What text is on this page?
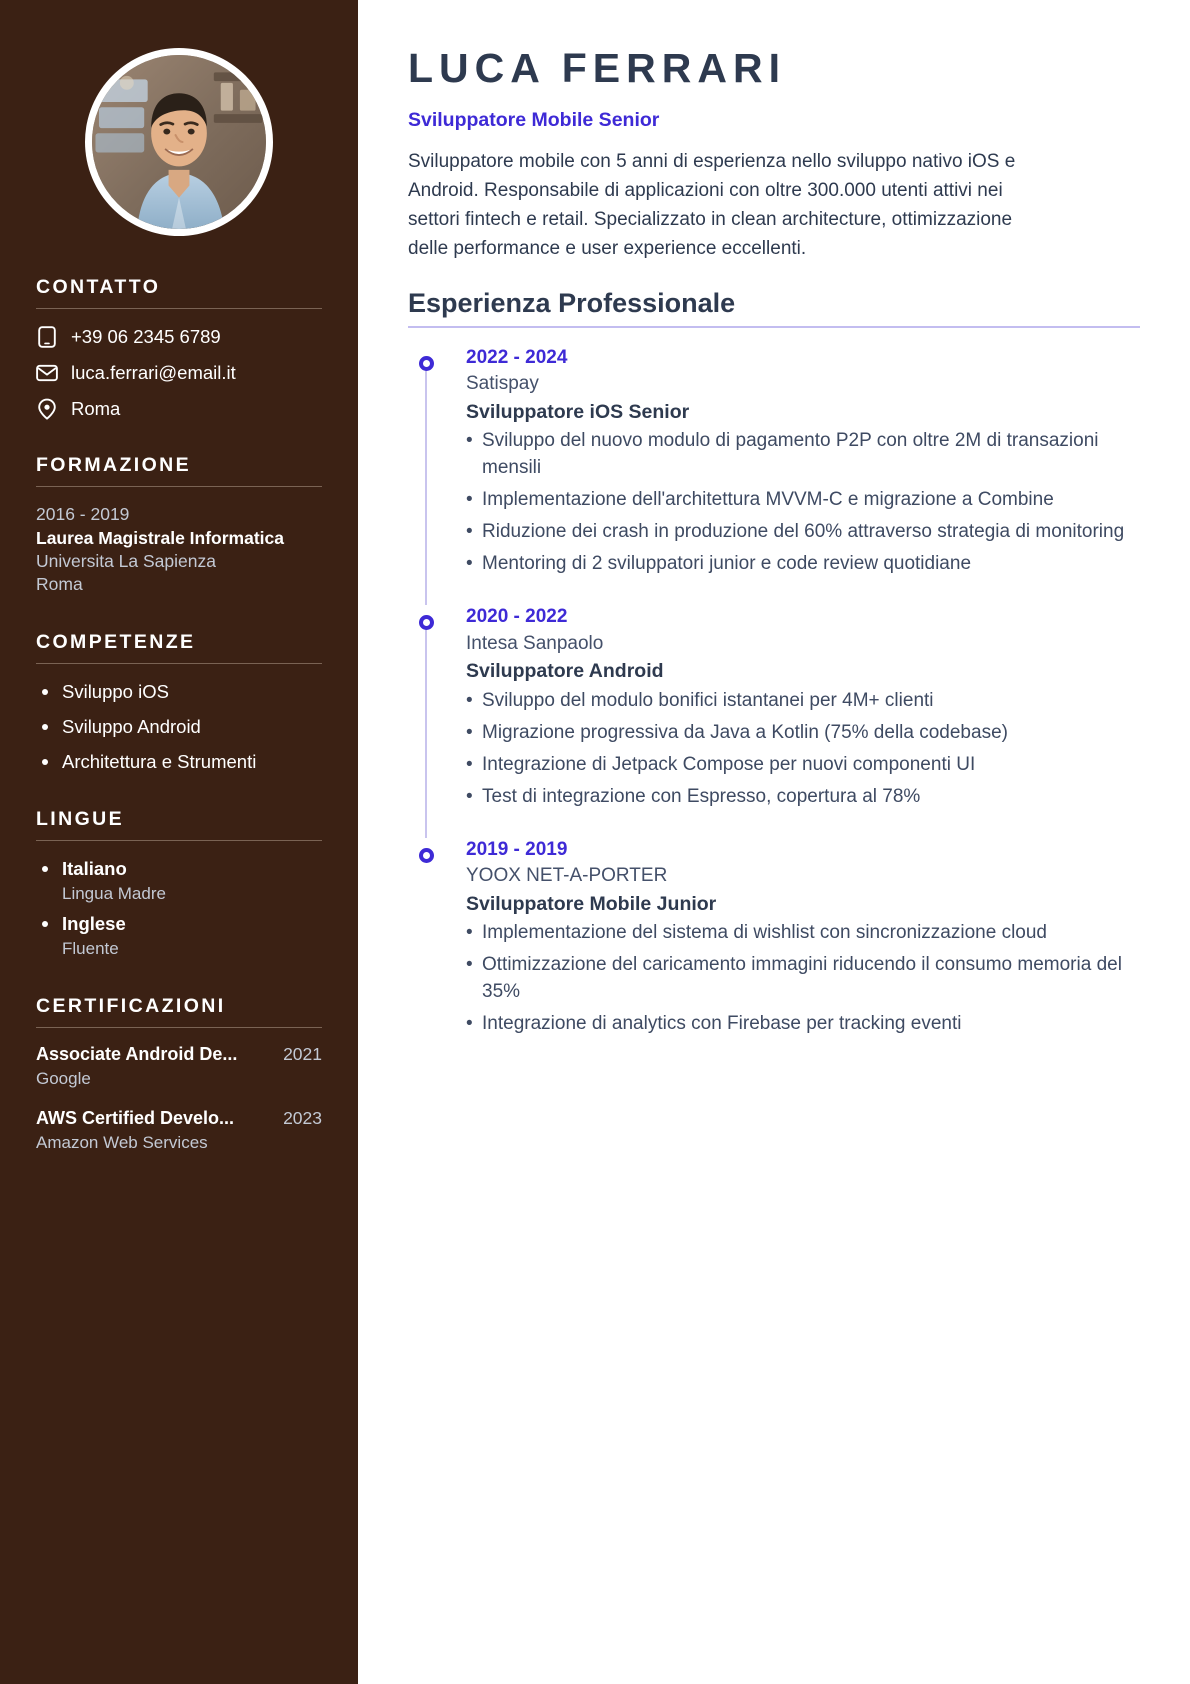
CONTATTO
+39 06 2345 6789
luca.ferrari@email.it
Roma
FORMAZIONE
2016 - 2019
Laurea Magistrale Informatica
Universita La Sapienza
Roma
COMPETENZE
Sviluppo iOS
Sviluppo Android
Architettura e Strumenti
LINGUE
Italiano
Lingua Madre
Inglese
Fluente
CERTIFICAZIONI
Associate Android De...	2021
Google
AWS Certified Develo...	2023
Amazon Web Services
LUCA FERRARI
Sviluppatore Mobile Senior

Sviluppatore mobile con 5 anni di esperienza nello sviluppo nativo iOS e Android. Responsabile di applicazioni con oltre 300.000 utenti attivi nei settori fintech e retail. Specializzato in clean architecture, ottimizzazione delle performance e user experience eccellenti.

Esperienza Professionale
2022 - 2024
Satispay
Sviluppatore iOS Senior
• Sviluppo del nuovo modulo di pagamento P2P con oltre 2M di transazioni mensili
• Implementazione dell'architettura MVVM-C e migrazione a Combine
• Riduzione dei crash in produzione del 60% attraverso strategia di monitoring
• Mentoring di 2 sviluppatori junior e code review quotidiane
2020 - 2022
Intesa Sanpaolo
Sviluppatore Android
• Sviluppo del modulo bonifici istantanei per 4M+ clienti
• Migrazione progressiva da Java a Kotlin (75% della codebase)
• Integrazione di Jetpack Compose per nuovi componenti UI
• Test di integrazione con Espresso, copertura al 78%
2019 - 2019
YOOX NET-A-PORTER
Sviluppatore Mobile Junior
• Implementazione del sistema di wishlist con sincronizzazione cloud
• Ottimizzazione del caricamento immagini riducendo il consumo memoria del 35%
• Integrazione di analytics con Firebase per tracking eventi
